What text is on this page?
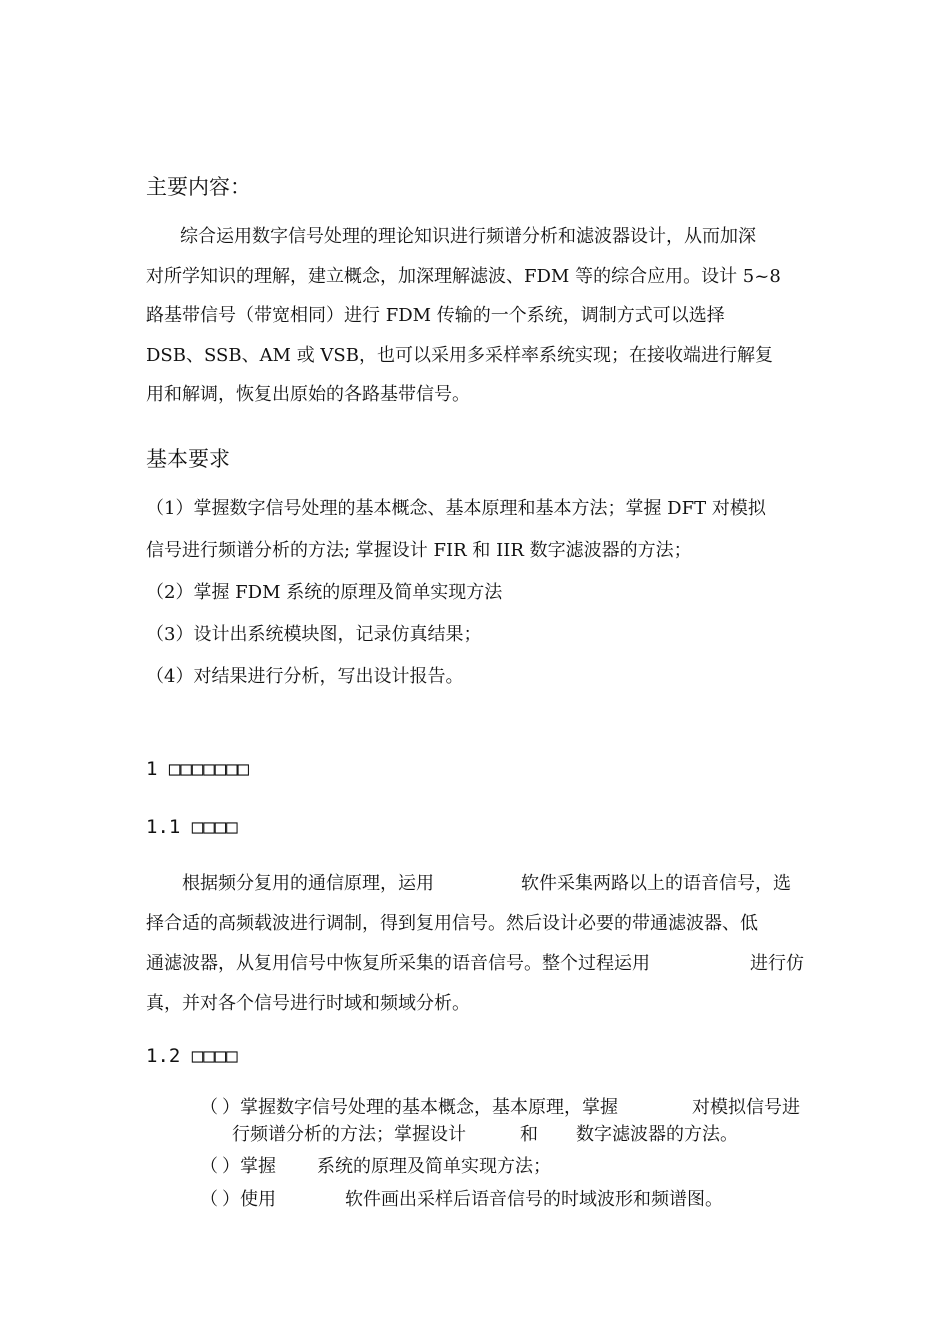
主要内容：
综合运用数字信号处理的理论知识进行频谱分析和滤波器设计，从而加深
对所学知识的理解，建立概念，加深理解滤波、FDM 等的综合应用。设计 5~8
路基带信号（带宽相同）进行 FDM 传输的一个系统，调制方式可以选择
DSB、SSB、AM 或 VSB，也可以采用多采样率系统实现；在接收端进行解复
用和解调，恢复出原始的各路基带信号。
基本要求
（1）掌握数字信号处理的基本概念、基本原理和基本方法；掌握 DFT 对模拟
信号进行频谱分析的方法; 掌握设计 FIR 和 IIR 数字滤波器的方法；
（2）掌握 FDM 系统的原理及简单实现方法
（3）设计出系统模块图，记录仿真结果；
（4）对结果进行分析，写出设计报告。
1 □□□□□□□
1.1 □□□□
根据频分复用的通信原理，运用	软件采集两路以上的语音信号，选
择合适的高频载波进行调制，得到复用信号。然后设计必要的带通滤波器、低
通滤波器，从复用信号中恢复所采集的语音信号。整个过程运用	进行仿
真，并对各个信号进行时域和频域分析。
1.2 □□□□
（ ） 掌握数字信号处理的基本概念，基本原理，掌握	对模拟信号进
行频谱分析的方法；掌握设计	和 数字滤波器的方法。
（ ） 掌握 系统的原理及简单实现方法；
（ ） 使用	软件画出采样后语音信号的时域波形和频谱图。
